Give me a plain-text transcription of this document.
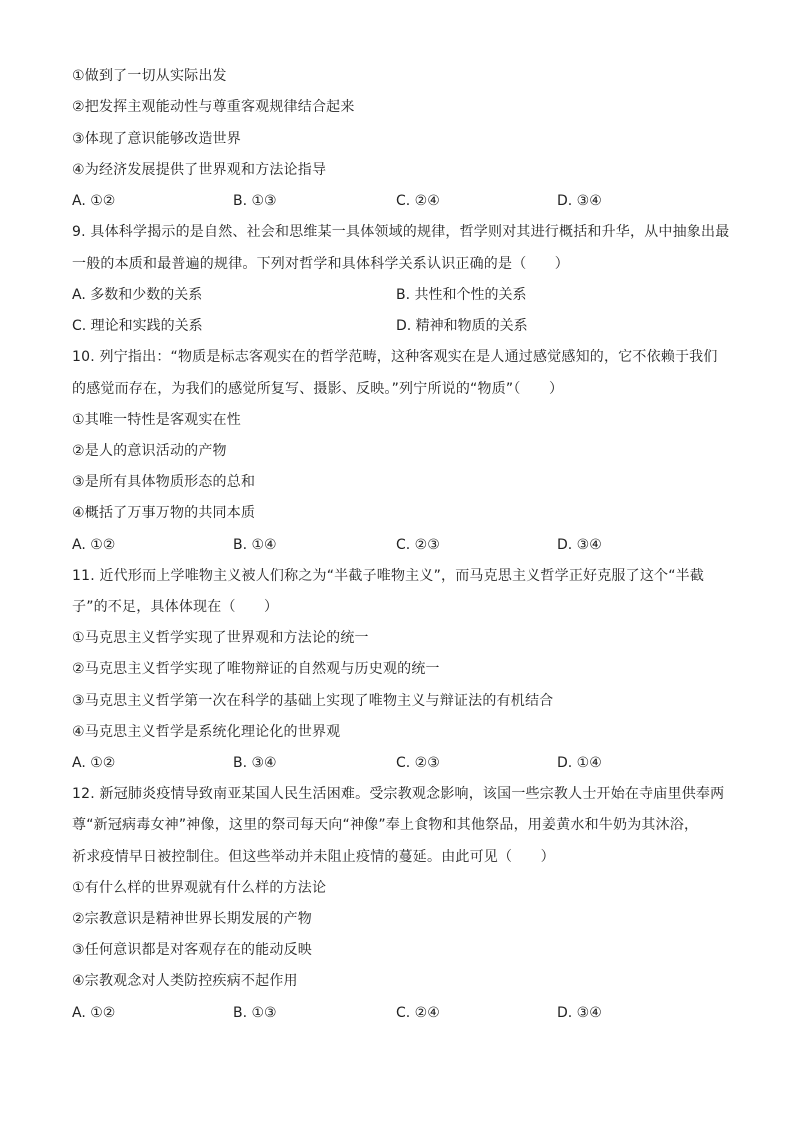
①做到了一切从实际出发
②把发挥主观能动性与尊重客观规律结合起来
③体现了意识能够改造世界
④为经济发展提供了世界观和方法论指导
A. ①②	B. ①③	C. ②④	D. ③④
9. 具体科学揭示的是自然、社会和思维某一具体领域的规律，哲学则对其进行概括和升华，从中抽象出最
一般的本质和最普遍的规律。下列对哲学和具体科学关系认识正确的是（　　）
A. 多数和少数的关系	B. 共性和个性的关系
C. 理论和实践的关系	D. 精神和物质的关系
10. 列宁指出：“物质是标志客观实在的哲学范畴，这种客观实在是人通过感觉感知的，它不依赖于我们
的感觉而存在，为我们的感觉所复写、摄影、反映。”列宁所说的“物质”（　　）
①其唯一特性是客观实在性
②是人的意识活动的产物
③是所有具体物质形态的总和
④概括了万事万物的共同本质
A. ①②	B. ①④	C. ②③	D. ③④
11. 近代形而上学唯物主义被人们称之为“半截子唯物主义”，而马克思主义哲学正好克服了这个“半截
子”的不足，具体体现在（　　）
①马克思主义哲学实现了世界观和方法论的统一
②马克思主义哲学实现了唯物辩证的自然观与历史观的统一
③马克思主义哲学第一次在科学的基础上实现了唯物主义与辩证法的有机结合
④马克思主义哲学是系统化理论化的世界观
A. ①②	B. ③④	C. ②③	D. ①④
12. 新冠肺炎疫情导致南亚某国人民生活困难。受宗教观念影响，该国一些宗教人士开始在寺庙里供奉两
尊“新冠病毒女神”神像，这里的祭司每天向“神像”奉上食物和其他祭品，用姜黄水和牛奶为其沐浴，
祈求疫情早日被控制住。但这些举动并未阻止疫情的蔓延。由此可见（　　）
①有什么样的世界观就有什么样的方法论
②宗教意识是精神世界长期发展的产物
③任何意识都是对客观存在的能动反映
④宗教观念对人类防控疾病不起作用
A. ①②	B. ①③	C. ②④	D. ③④
